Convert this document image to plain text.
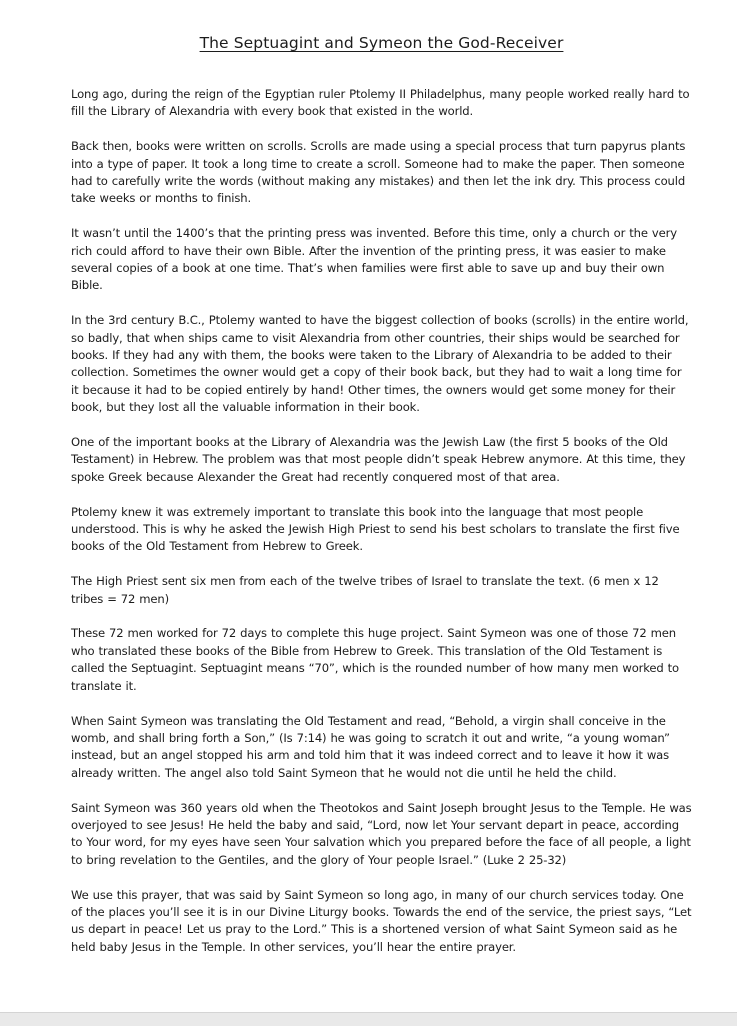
The Septuagint and Symeon the God-Receiver

Long ago, during the reign of the Egyptian ruler Ptolemy II Philadelphus, many people worked really hard to fill the Library of Alexandria with every book that existed in the world.

Back then, books were written on scrolls. Scrolls are made using a special process that turn papyrus plants into a type of paper. It took a long time to create a scroll. Someone had to make the paper. Then someone had to carefully write the words (without making any mistakes) and then let the ink dry. This process could take weeks or months to finish.

It wasn’t until the 1400’s that the printing press was invented. Before this time, only a church or the very rich could afford to have their own Bible. After the invention of the printing press, it was easier to make several copies of a book at one time. That’s when families were first able to save up and buy their own Bible.

In the 3rd century B.C., Ptolemy wanted to have the biggest collection of books (scrolls) in the entire world, so badly, that when ships came to visit Alexandria from other countries, their ships would be searched for books. If they had any with them, the books were taken to the Library of Alexandria to be added to their collection. Sometimes the owner would get a copy of their book back, but they had to wait a long time for it because it had to be copied entirely by hand! Other times, the owners would get some money for their book, but they lost all the valuable information in their book.

One of the important books at the Library of Alexandria was the Jewish Law (the first 5 books of the Old Testament) in Hebrew. The problem was that most people didn’t speak Hebrew anymore. At this time, they spoke Greek because Alexander the Great had recently conquered most of that area.

Ptolemy knew it was extremely important to translate this book into the language that most people understood. This is why he asked the Jewish High Priest to send his best scholars to translate the first five books of the Old Testament from Hebrew to Greek.

The High Priest sent six men from each of the twelve tribes of Israel to translate the text. (6 men x 12 tribes = 72 men)

These 72 men worked for 72 days to complete this huge project. Saint Symeon was one of those 72 men who translated these books of the Bible from Hebrew to Greek. This translation of the Old Testament is called the Septuagint. Septuagint means “70”, which is the rounded number of how many men worked to translate it.

When Saint Symeon was translating the Old Testament and read, “Behold, a virgin shall conceive in the womb, and shall bring forth a Son,” (Is 7:14) he was going to scratch it out and write, “a young woman” instead, but an angel stopped his arm and told him that it was indeed correct and to leave it how it was already written. The angel also told Saint Symeon that he would not die until he held the child.

Saint Symeon was 360 years old when the Theotokos and Saint Joseph brought Jesus to the Temple. He was overjoyed to see Jesus! He held the baby and said, “Lord, now let Your servant depart in peace, according to Your word, for my eyes have seen Your salvation which you prepared before the face of all people, a light to bring revelation to the Gentiles, and the glory of Your people Israel.” (Luke 2 25-32)

We use this prayer, that was said by Saint Symeon so long ago, in many of our church services today. One of the places you’ll see it is in our Divine Liturgy books. Towards the end of the service, the priest says, “Let us depart in peace! Let us pray to the Lord.” This is a shortened version of what Saint Symeon said as he held baby Jesus in the Temple. In other services, you’ll hear the entire prayer.
